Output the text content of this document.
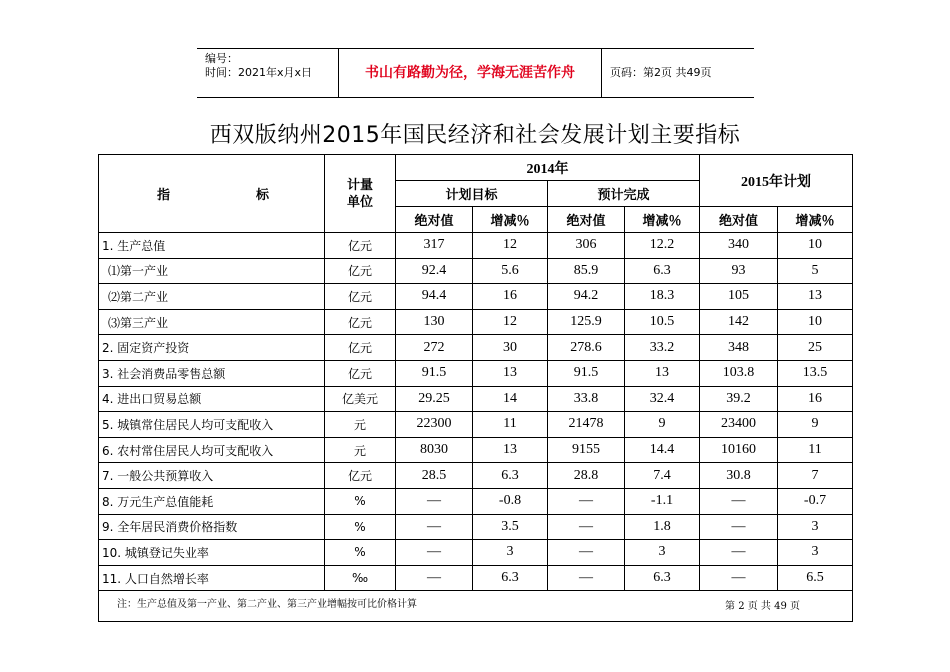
编号：
时间：2021年x月x日	书山有路勤为径，学海无涯苦作舟	页码：第2页 共49页
西双版纳州2015年国民经济和社会发展计划主要指标
指 标	计量
单位	2014年				2015年计划	
		计划目标		预计完成			
		绝对值	增减％	绝对值	增减％	绝对值	增减％
1. 生产总值	亿元	317	12	306	12.2	340	10
⑴第一产业	亿元	92.4	5.6	85.9	6.3	93	5
⑵第二产业	亿元	94.4	16	94.2	18.3	105	13
⑶第三产业	亿元	130	12	125.9	10.5	142	10
2. 固定资产投资	亿元	272	30	278.6	33.2	348	25
3. 社会消费品零售总额	亿元	91.5	13	91.5	13	103.8	13.5
4. 进出口贸易总额	亿美元	29.25	14	33.8	32.4	39.2	16
5. 城镇常住居民人均可支配收入	元	22300	11	21478	9	23400	9
6. 农村常住居民人均可支配收入	元	8030	13	9155	14.4	10160	11
7. 一般公共预算收入	亿元	28.5	6.3	28.8	7.4	30.8	7
8. 万元生产总值能耗	%	—	-0.8	—	-1.1	—	-0.7
9. 全年居民消费价格指数	%	—	3.5	—	1.8	—	3
10. 城镇登记失业率	%	—	3	—	3	—	3
11. 人口自然增长率	‰	—	6.3	—	6.3	—	6.5

注：生产总值及第一产业、第二产业、第三产业增幅按可比价格计算 第 2 页 共 49 页							
